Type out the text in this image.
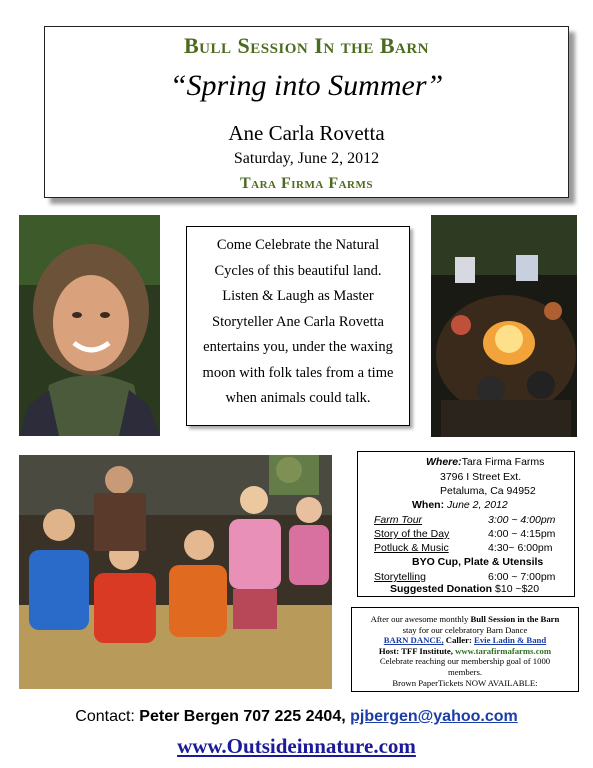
Bull Session In the Barn
“Spring into Summer”
Ane Carla Rovetta
Saturday, June 2, 2012
Tara Firma Farms
Come Celebrate the Natural
Cycles of this beautiful land.
Listen & Laugh as Master
Storyteller Ane Carla Rovetta
entertains you, under the waxing
moon with folk tales from a time
when animals could talk.
Where:Tara Firma Farms
3796 I Street Ext.
Petaluma, Ca 94952
When: June 2, 2012
Farm Tour	3:00 ~ 4:00pm
Story of the Day	4:00 ~ 4:15pm
Potluck & Music	4:30~ 6:00pm
BYO Cup, Plate & Utensils
Storytelling	6:00 ~ 7:00pm
Suggested Donation $10 ~$20
After our awesome monthly Bull Session in the Barn
stay for our celebratory Barn Dance
BARN DANCE, Caller: Evie Ladin & Band
Host: TFF Institute, www.tarafirmafarms.com
Celebrate reaching our membership goal of 1000
members.
Brown PaperTickets NOW AVAILABLE:
Contact: Peter Bergen 707 225 2404, pjbergen@yahoo.com
www.Outsideinnature.com
